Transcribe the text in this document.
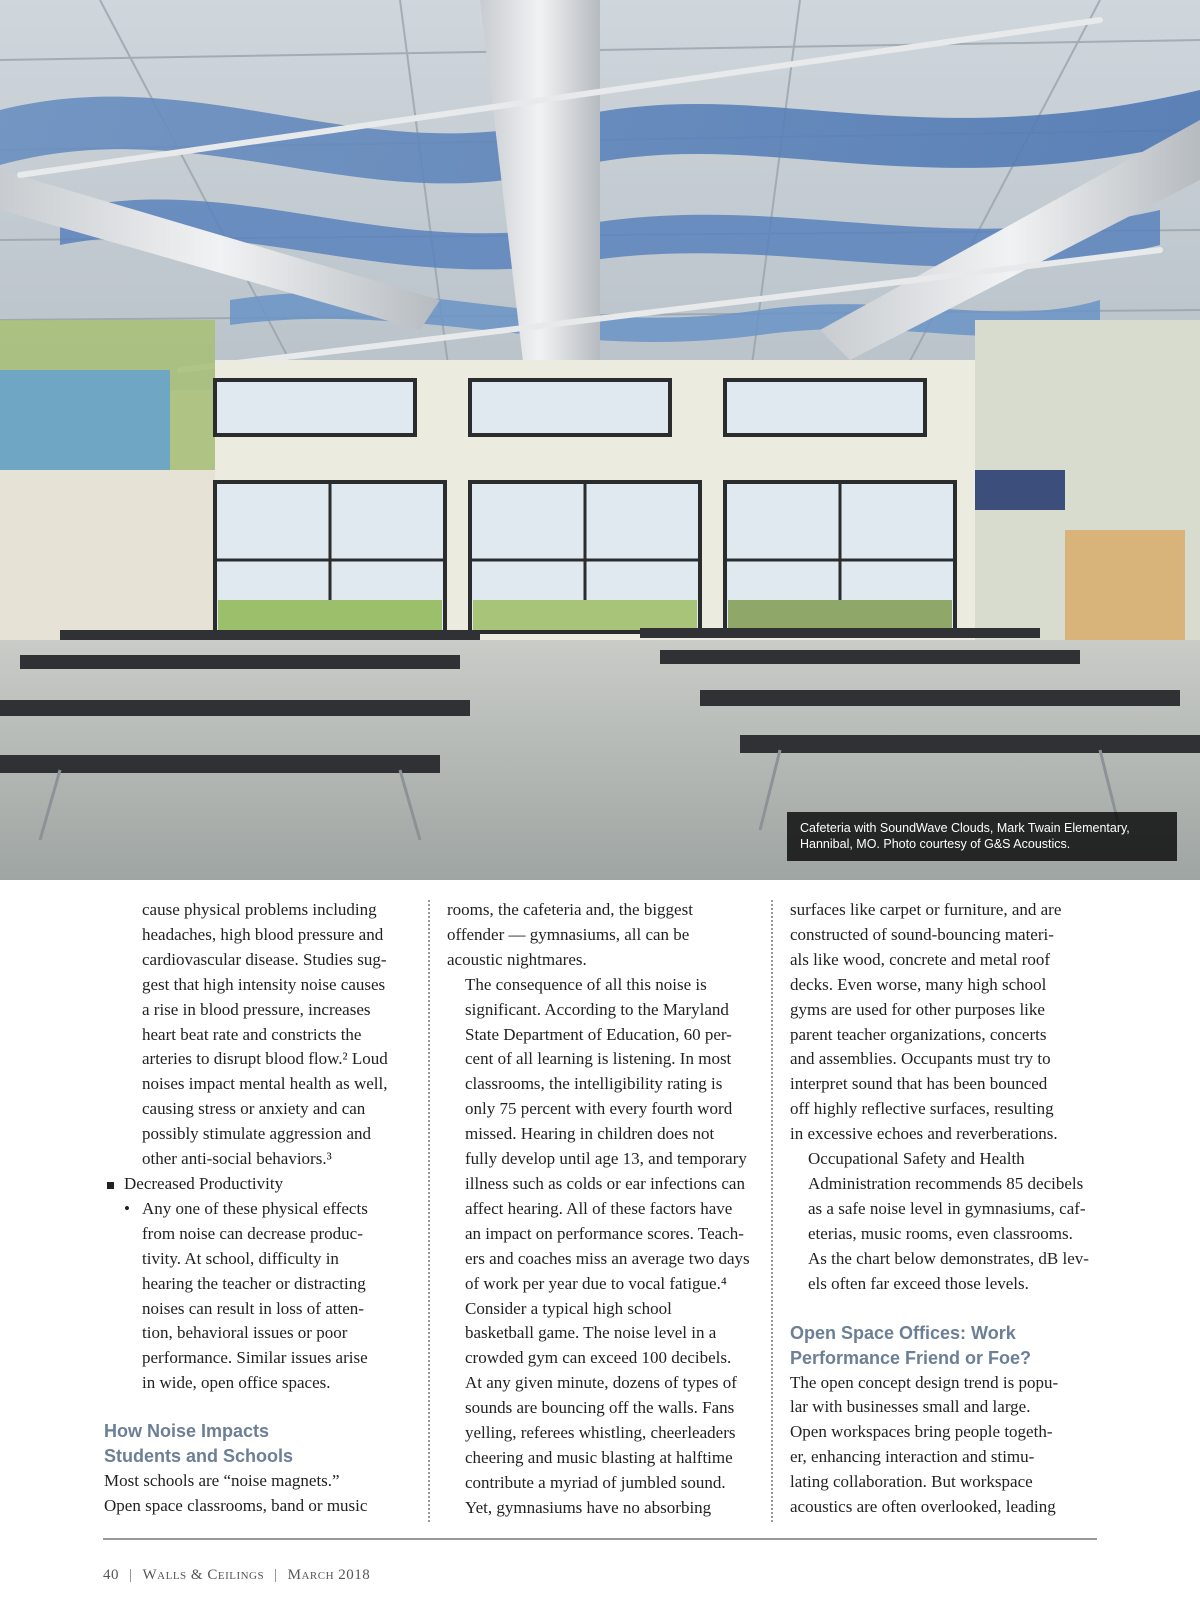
Cafeteria with SoundWave Clouds, Mark Twain Elementary,
Hannibal, MO. Photo courtesy of G&S Acoustics.
cause physical problems including
headaches, high blood pressure and
cardiovascular disease. Studies sug-
gest that high intensity noise causes
a rise in blood pressure, increases
heart beat rate and constricts the
arteries to disrupt blood flow.² Loud
noises impact mental health as well,
causing stress or anxiety and can
possibly stimulate aggression and
other anti-social behaviors.³
Decreased Productivity
• Any one of these physical effects
from noise can decrease produc-
tivity. At school, difficulty in
hearing the teacher or distracting
noises can result in loss of atten-
tion, behavioral issues or poor
performance. Similar issues arise
in wide, open office spaces.
How Noise Impacts
Students and Schools

Most schools are “noise magnets.”
Open space classrooms, band or music

rooms, the cafeteria and, the biggest
offender — gymnasiums, all can be
acoustic nightmares.

The consequence of all this noise is
significant. According to the Maryland
State Department of Education, 60 per-
cent of all learning is listening. In most
classrooms, the intelligibility rating is
only 75 percent with every fourth word
missed. Hearing in children does not
fully develop until age 13, and temporary
illness such as colds or ear infections can
affect hearing. All of these factors have
an impact on performance scores. Teach-
ers and coaches miss an average two days
of work per year due to vocal fatigue.⁴

Consider a typical high school
basketball game. The noise level in a
crowded gym can exceed 100 decibels.
At any given minute, dozens of types of
sounds are bouncing off the walls. Fans
yelling, referees whistling, cheerleaders
cheering and music blasting at halftime
contribute a myriad of jumbled sound.
Yet, gymnasiums have no absorbing

surfaces like carpet or furniture, and are
constructed of sound-bouncing materi-
als like wood, concrete and metal roof
decks. Even worse, many high school
gyms are used for other purposes like
parent teacher organizations, concerts
and assemblies. Occupants must try to
interpret sound that has been bounced
off highly reflective surfaces, resulting
in excessive echoes and reverberations.

Occupational Safety and Health
Administration recommends 85 decibels
as a safe noise level in gymnasiums, caf-
eterias, music rooms, even classrooms.
As the chart below demonstrates, dB lev-
els often far exceed those levels.

Open Space Offices: Work
Performance Friend or Foe?

The open concept design trend is popu-
lar with businesses small and large.
Open workspaces bring people togeth-
er, enhancing interaction and stimu-
lating collaboration. But workspace
acoustics are often overlooked, leading

40 | Walls & Ceilings | March 2018
